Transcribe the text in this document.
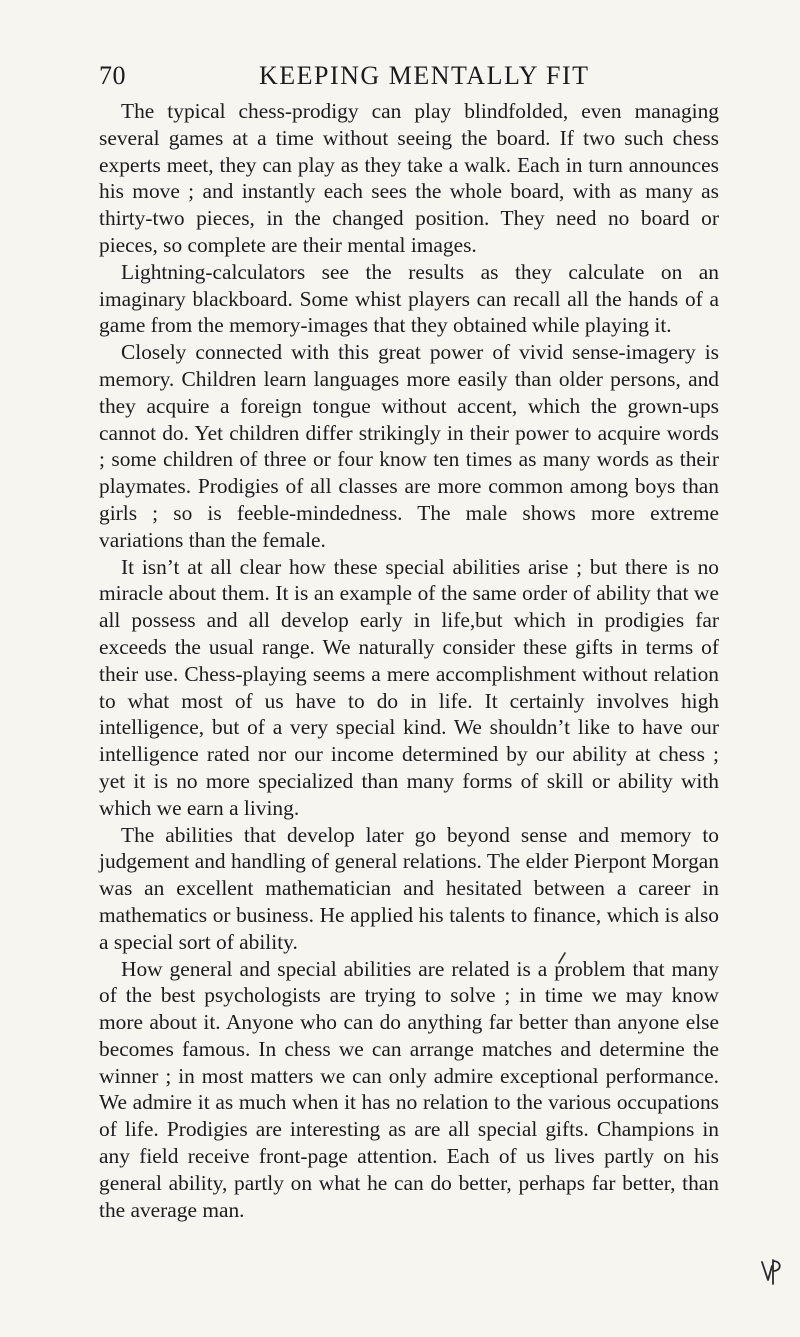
70	KEEPING MENTALLY FIT

The typical chess-prodigy can play blindfolded, even managing several games at a time without seeing the board. If two such chess experts meet, they can play as they take a walk. Each in turn announces his move ; and instantly each sees the whole board, with as many as thirty-two pieces, in the changed position. They need no board or pieces, so complete are their mental images.

Lightning-calculators see the results as they calculate on an imaginary blackboard. Some whist players can recall all the hands of a game from the memory-images that they obtained while playing it.

Closely connected with this great power of vivid sense-imagery is memory. Children learn languages more easily than older persons, and they acquire a foreign tongue without accent, which the grown-ups cannot do. Yet children differ strikingly in their power to acquire words ; some children of three or four know ten times as many words as their playmates. Prodigies of all classes are more common among boys than girls ; so is feeble-mindedness. The male shows more extreme variations than the female.

It isn’t at all clear how these special abilities arise ; but there is no miracle about them. It is an example of the same order of ability that we all possess and all develop early in life,but which in prodigies far exceeds the usual range. We naturally consider these gifts in terms of their use. Chess-playing seems a mere accomplishment without relation to what most of us have to do in life. It certainly involves high intelligence, but of a very special kind. We shouldn’t like to have our intelligence rated nor our income determined by our ability at chess ; yet it is no more specialized than many forms of skill or ability with which we earn a living.

The abilities that develop later go beyond sense and memory to judgement and handling of general relations. The elder Pierpont Morgan was an excellent mathematician and hesitated between a career in mathematics or business. He applied his talents to finance, which is also a special sort of ability.

How general and special abilities are related is a problem that many of the best psychologists are trying to solve ; in time we may know more about it. Anyone who can do anything far better than anyone else becomes famous. In chess we can arrange matches and determine the winner ; in most matters we can only admire exceptional performance. We admire it as much when it has no relation to the various occupations of life. Prodigies are interesting as are all special gifts. Champions in any field receive front-page attention. Each of us lives partly on his general ability, partly on what he can do better, perhaps far better, than the average man.
